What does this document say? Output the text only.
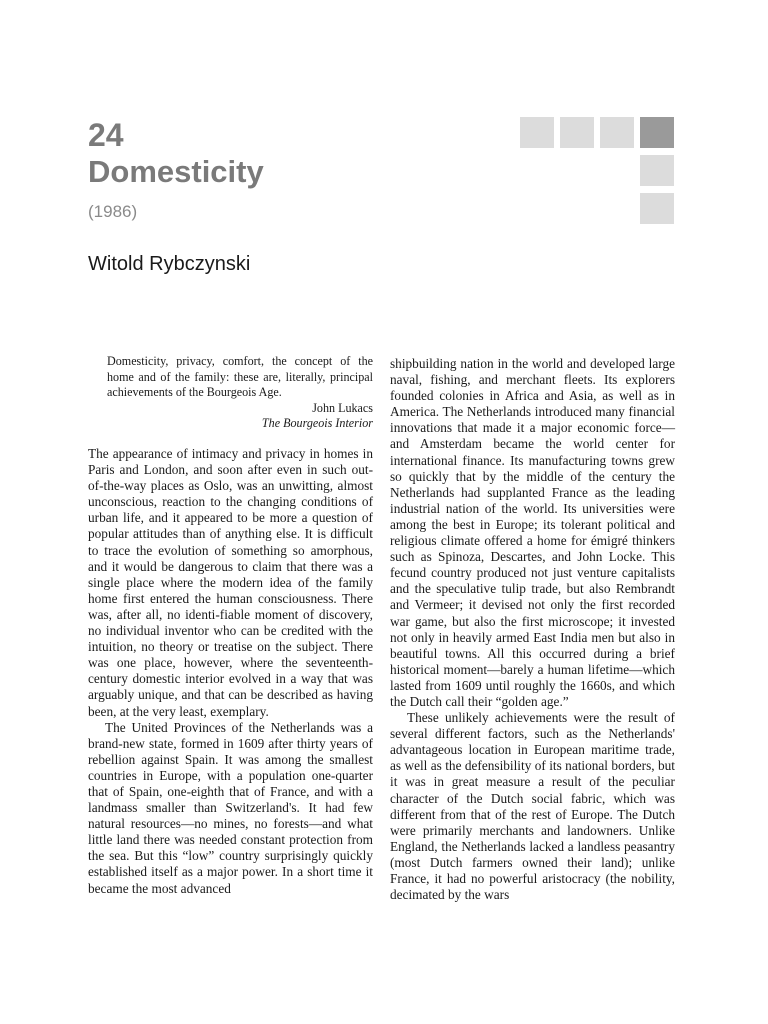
24
Domesticity
(1986)
Witold Rybczynski

Domesticity, privacy, comfort, the concept of the home and of the family: these are, literally, principal achievements of the Bourgeois Age.

John Lukacs

The Bourgeois Interior

The appearance of intimacy and privacy in homes in Paris and London, and soon after even in such out-of-the-way places as Oslo, was an unwitting, almost unconscious, reaction to the changing conditions of urban life, and it appeared to be more a question of popular attitudes than of anything else. It is difficult to trace the evolution of something so amorphous, and it would be dangerous to claim that there was a single place where the modern idea of the family home first entered the human consciousness. There was, after all, no identi-fiable moment of discovery, no individual inventor who can be credited with the intuition, no theory or treatise on the subject. There was one place, however, where the seventeenth-century domestic interior evolved in a way that was arguably unique, and that can be described as having been, at the very least, exemplary.

The United Provinces of the Netherlands was a brand-new state, formed in 1609 after thirty years of rebellion against Spain. It was among the smallest countries in Europe, with a population one-quarter that of Spain, one-eighth that of France, and with a landmass smaller than Switzerland's. It had few natural resources—no mines, no forests—and what little land there was needed constant protection from the sea. But this “low” country surprisingly quickly established itself as a major power. In a short time it became the most advanced

shipbuilding nation in the world and developed large naval, fishing, and merchant fleets. Its explorers founded colonies in Africa and Asia, as well as in America. The Netherlands introduced many financial innovations that made it a major economic force—and Amsterdam became the world center for international finance. Its manufacturing towns grew so quickly that by the middle of the century the Netherlands had supplanted France as the leading industrial nation of the world. Its universities were among the best in Europe; its tolerant political and religious climate offered a home for émigré thinkers such as Spinoza, Descartes, and John Locke. This fecund country produced not just venture capitalists and the speculative tulip trade, but also Rembrandt and Vermeer; it devised not only the first recorded war game, but also the first microscope; it invested not only in heavily armed East India men but also in beautiful towns. All this occurred during a brief historical moment—barely a human lifetime—which lasted from 1609 until roughly the 1660s, and which the Dutch call their “golden age.”

These unlikely achievements were the result of several different factors, such as the Netherlands' advantageous location in European maritime trade, as well as the defensibility of its national borders, but it was in great measure a result of the peculiar character of the Dutch social fabric, which was different from that of the rest of Europe. The Dutch were primarily merchants and landowners. Unlike England, the Netherlands lacked a landless peasantry (most Dutch farmers owned their land); unlike France, it had no powerful aristocracy (the nobility, decimated by the wars
